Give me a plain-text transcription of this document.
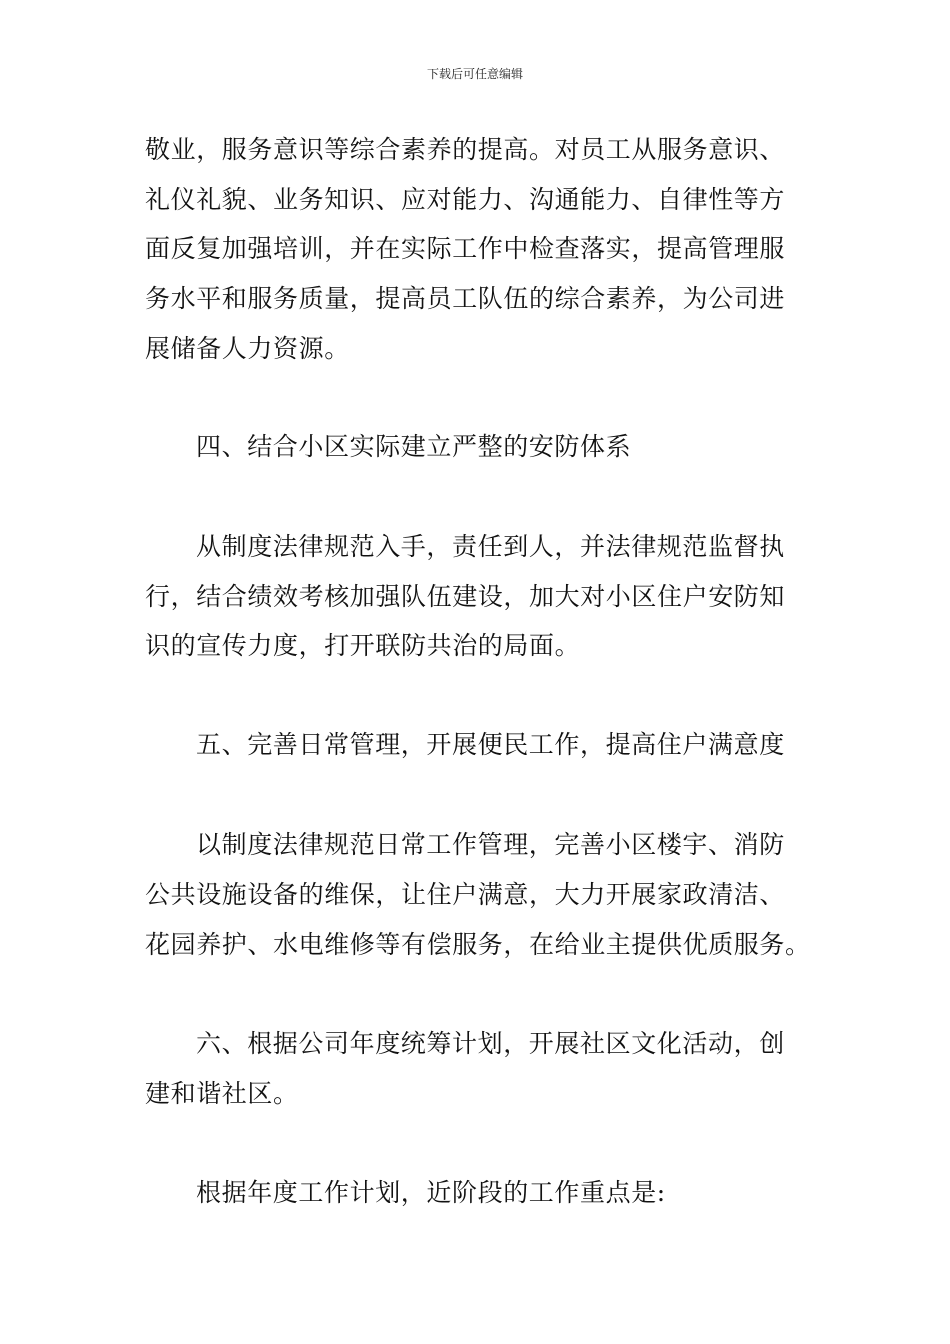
下载后可任意编辑
敬业，服务意识等综合素养的提高。对员工从服务意识、
礼仪礼貌、业务知识、应对能力、沟通能力、自律性等方
面反复加强培训，并在实际工作中检查落实，提高管理服
务水平和服务质量，提高员工队伍的综合素养，为公司进
展储备人力资源。
四、结合小区实际建立严整的安防体系
从制度法律规范入手，责任到人，并法律规范监督执
行，结合绩效考核加强队伍建设，加大对小区住户安防知
识的宣传力度，打开联防共治的局面。
五、完善日常管理，开展便民工作，提高住户满意度
以制度法律规范日常工作管理，完善小区楼宇、消防
公共设施设备的维保，让住户满意，大力开展家政清洁、
花园养护、水电维修等有偿服务，在给业主提供优质服务。
六、根据公司年度统筹计划，开展社区文化活动，创
建和谐社区。
根据年度工作计划，近阶段的工作重点是:
